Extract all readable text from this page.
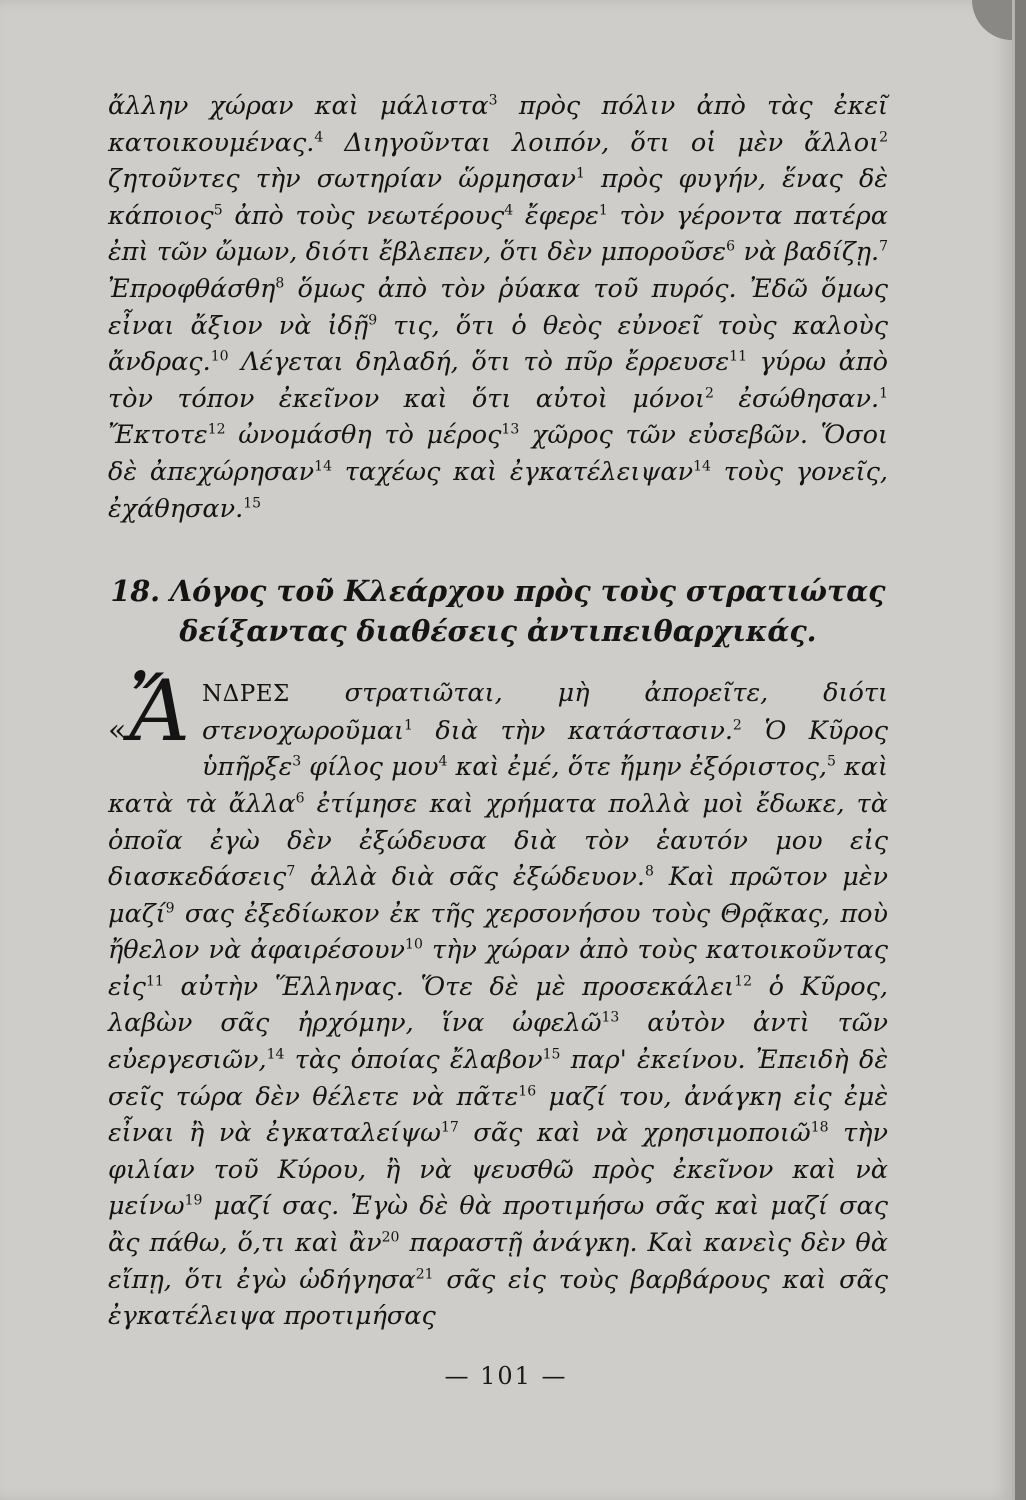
ἄλλην χώραν καὶ μάλιστα$^3$ πρὸς πόλιν ἀπὸ τὰς ἐκεῖ κατοικουμένας.$^4$ Διηγοῦνται λοιπόν, ὅτι οἱ μὲν ἄλλοι$^2$ ζητοῦντες τὴν σωτηρίαν ὥρμησαν$^1$ πρὸς φυγήν, ἕνας δὲ κάποιος$^5$ ἀπὸ τοὺς νεωτέρους$^4$ ἔφερε$^1$ τὸν γέροντα πατέρα ἐπὶ τῶν ὤμων, διότι ἔβλεπεν, ὅτι δὲν μποροῦσε$^6$ νὰ βαδίζῃ.$^7$ Ἐπροφθάσθη$^8$ ὅμως ἀπὸ τὸν ῥύακα τοῦ πυρός. Ἐδῶ ὅμως εἶναι ἄξιον νὰ ἰδῇ$^9$ τις, ὅτι ὁ θεὸς εὐνοεῖ τοὺς καλοὺς ἄνδρας.$^{10}$ Λέγεται δηλαδή, ὅτι τὸ πῦρ ἔρρευσε$^{11}$ γύρω ἀπὸ τὸν τόπον ἐκεῖνον καὶ ὅτι αὐτοὶ μόνοι$^2$ ἐσώθησαν.$^1$ Ἔκτοτε$^{12}$ ὠνομάσθη τὸ μέρος$^{13}$ χῶρος τῶν εὐσεβῶν. Ὅσοι δὲ ἀπεχώρησαν$^{14}$ ταχέως καὶ ἐγκατέλειψαν$^{14}$ τοὺς γονεῖς, ἐχάθησαν.$^{15}$

18. Λόγος τοῦ Κλεάρχου πρὸς τοὺς στρατιώτας
δείξαντας διαθέσεις ἀντιπειθαρχικάς.

«Ἄ ΝΔΡΕΣ στρατιῶται, μὴ ἀπορεῖτε, διότι στενοχωροῦμαι$^1$ διὰ τὴν κατάστασιν.$^2$ Ὁ Κῦρος ὑπῆρξε$^3$ φίλος μου$^4$ καὶ ἐμέ, ὅτε ἤμην ἐξόριστος,$^5$ καὶ κατὰ τὰ ἄλλα$^6$ ἐτίμησε καὶ χρήματα πολλὰ μοὶ ἔδωκε, τὰ ὁποῖα ἐγὼ δὲν ἐξώδευσα διὰ τὸν ἑαυτόν μου εἰς διασκεδάσεις$^7$ ἀλλὰ διὰ σᾶς ἐξώδευον.$^8$ Καὶ πρῶτον μὲν μαζί$^9$ σας ἐξεδίωκον ἐκ τῆς χερσονήσου τοὺς Θρᾷκας, ποὺ ἤθελον νὰ ἀφαιρέσουν$^{10}$ τὴν χώραν ἀπὸ τοὺς κατοικοῦντας εἰς$^{11}$ αὐτὴν Ἕλληνας. Ὅτε δὲ μὲ προσεκάλει$^{12}$ ὁ Κῦρος, λαβὼν σᾶς ἠρχόμην, ἵνα ὠφελῶ$^{13}$ αὐτὸν ἀντὶ τῶν εὐεργεσιῶν,$^{14}$ τὰς ὁποίας ἔλαβον$^{15}$ παρ' ἐκείνου. Ἐπειδὴ δὲ σεῖς τώρα δὲν θέλετε νὰ πᾶτε$^{16}$ μαζί του, ἀνάγκη εἰς ἐμὲ εἶναι ἢ νὰ ἐγκαταλείψω$^{17}$ σᾶς καὶ νὰ χρησιμοποιῶ$^{18}$ τὴν φιλίαν τοῦ Κύρου, ἢ νὰ ψευσθῶ πρὸς ἐκεῖνον καὶ νὰ μείνω$^{19}$ μαζί σας. Ἐγὼ δὲ θὰ προτιμήσω σᾶς καὶ μαζί σας ἂς πάθω, ὅ,τι καὶ ἂν$^{20}$ παραστῇ ἀνάγκη. Καὶ κανεὶς δὲν θὰ εἴπῃ, ὅτι ἐγὼ ὡδήγησα$^{21}$ σᾶς εἰς τοὺς βαρβάρους καὶ σᾶς ἐγκατέλειψα προτιμήσας

— 101 —
